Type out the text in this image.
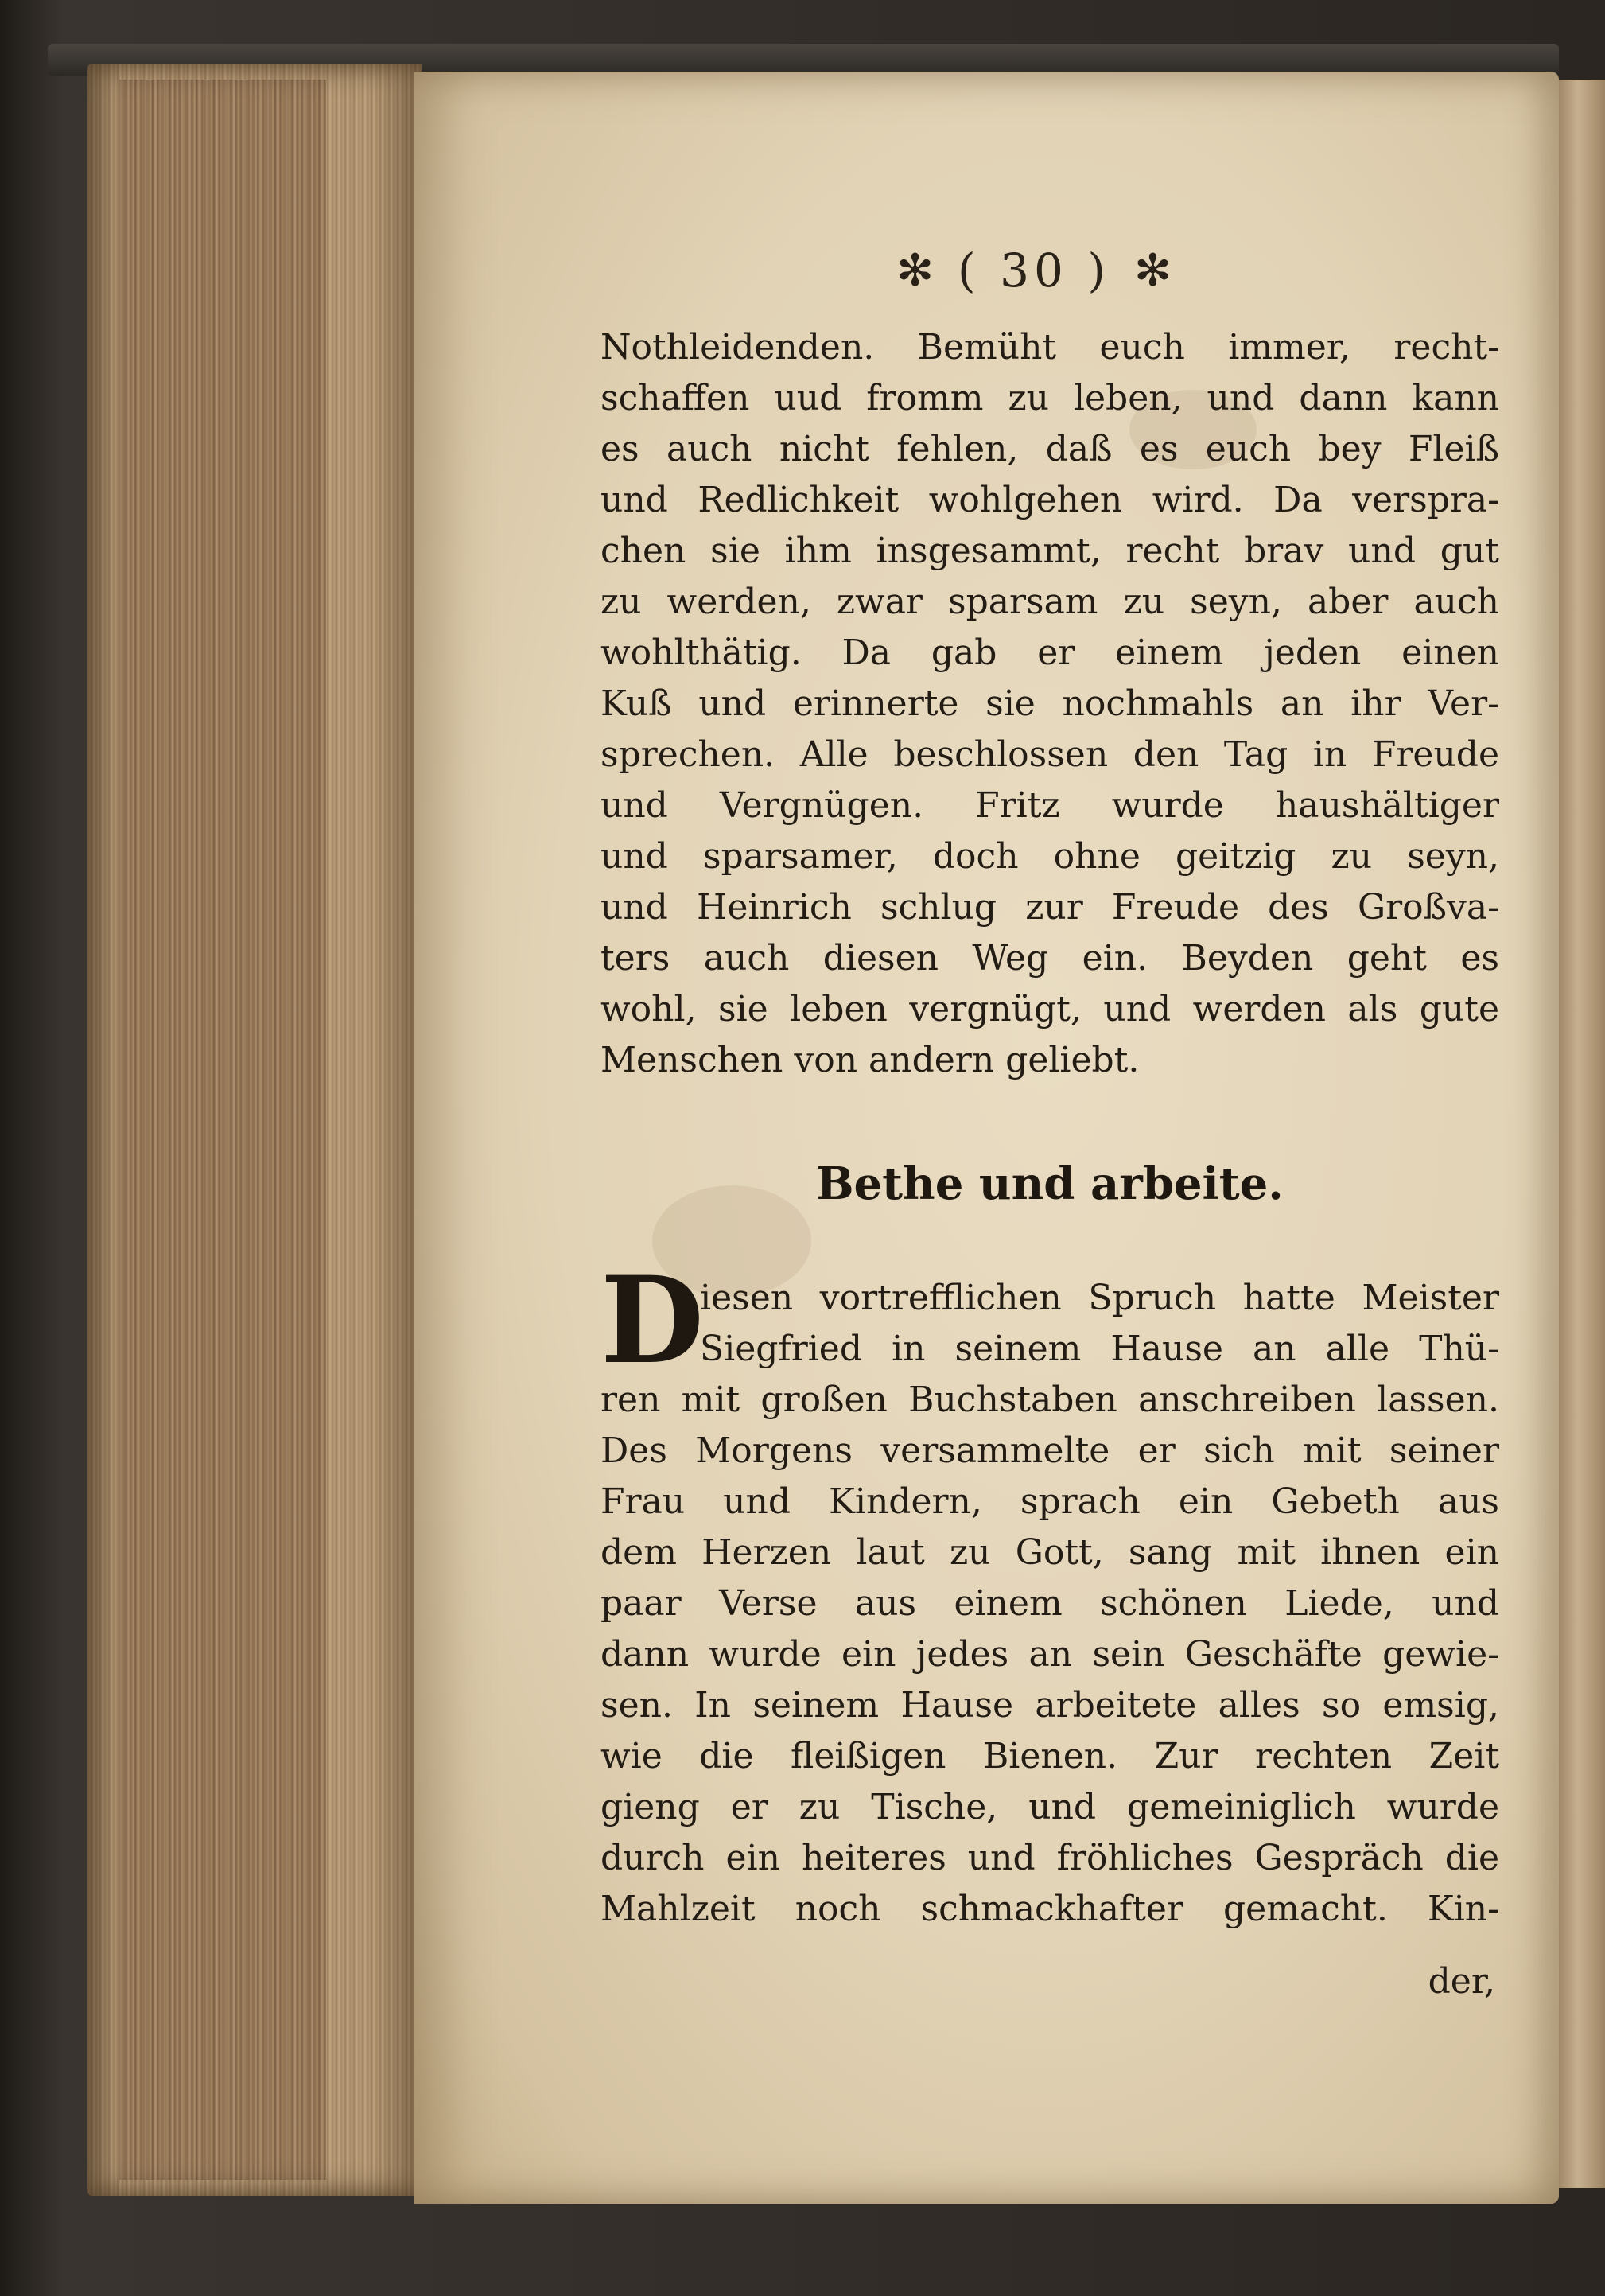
✻ ( 30 ) ✻
Nothleidenden. Bemüht euch immer, recht-
schaffen uud fromm zu leben, und dann kann
es auch nicht fehlen, daß es euch bey Fleiß
und Redlichkeit wohlgehen wird. Da verspra-
chen sie ihm insgesammt, recht brav und gut
zu werden, zwar sparsam zu seyn, aber auch
wohlthätig. Da gab er einem jeden einen
Kuß und erinnerte sie nochmahls an ihr Ver-
sprechen. Alle beschlossen den Tag in Freude
und Vergnügen. Fritz wurde haushältiger
und sparsamer, doch ohne geitzig zu seyn,
und Heinrich schlug zur Freude des Großva-
ters auch diesen Weg ein. Beyden geht es
wohl, sie leben vergnügt, und werden als gute
Menschen von andern geliebt.
Bethe und arbeite.
D
iesen vortrefflichen Spruch hatte Meister
Siegfried in seinem Hause an alle Thü-
ren mit großen Buchstaben anschreiben lassen.
Des Morgens versammelte er sich mit seiner
Frau und Kindern, sprach ein Gebeth aus
dem Herzen laut zu Gott, sang mit ihnen ein
paar Verse aus einem schönen Liede, und
dann wurde ein jedes an sein Geschäfte gewie-
sen. In seinem Hause arbeitete alles so emsig,
wie die fleißigen Bienen. Zur rechten Zeit
gieng er zu Tische, und gemeiniglich wurde
durch ein heiteres und fröhliches Gespräch die
Mahlzeit noch schmackhafter gemacht. Kin-
der,
